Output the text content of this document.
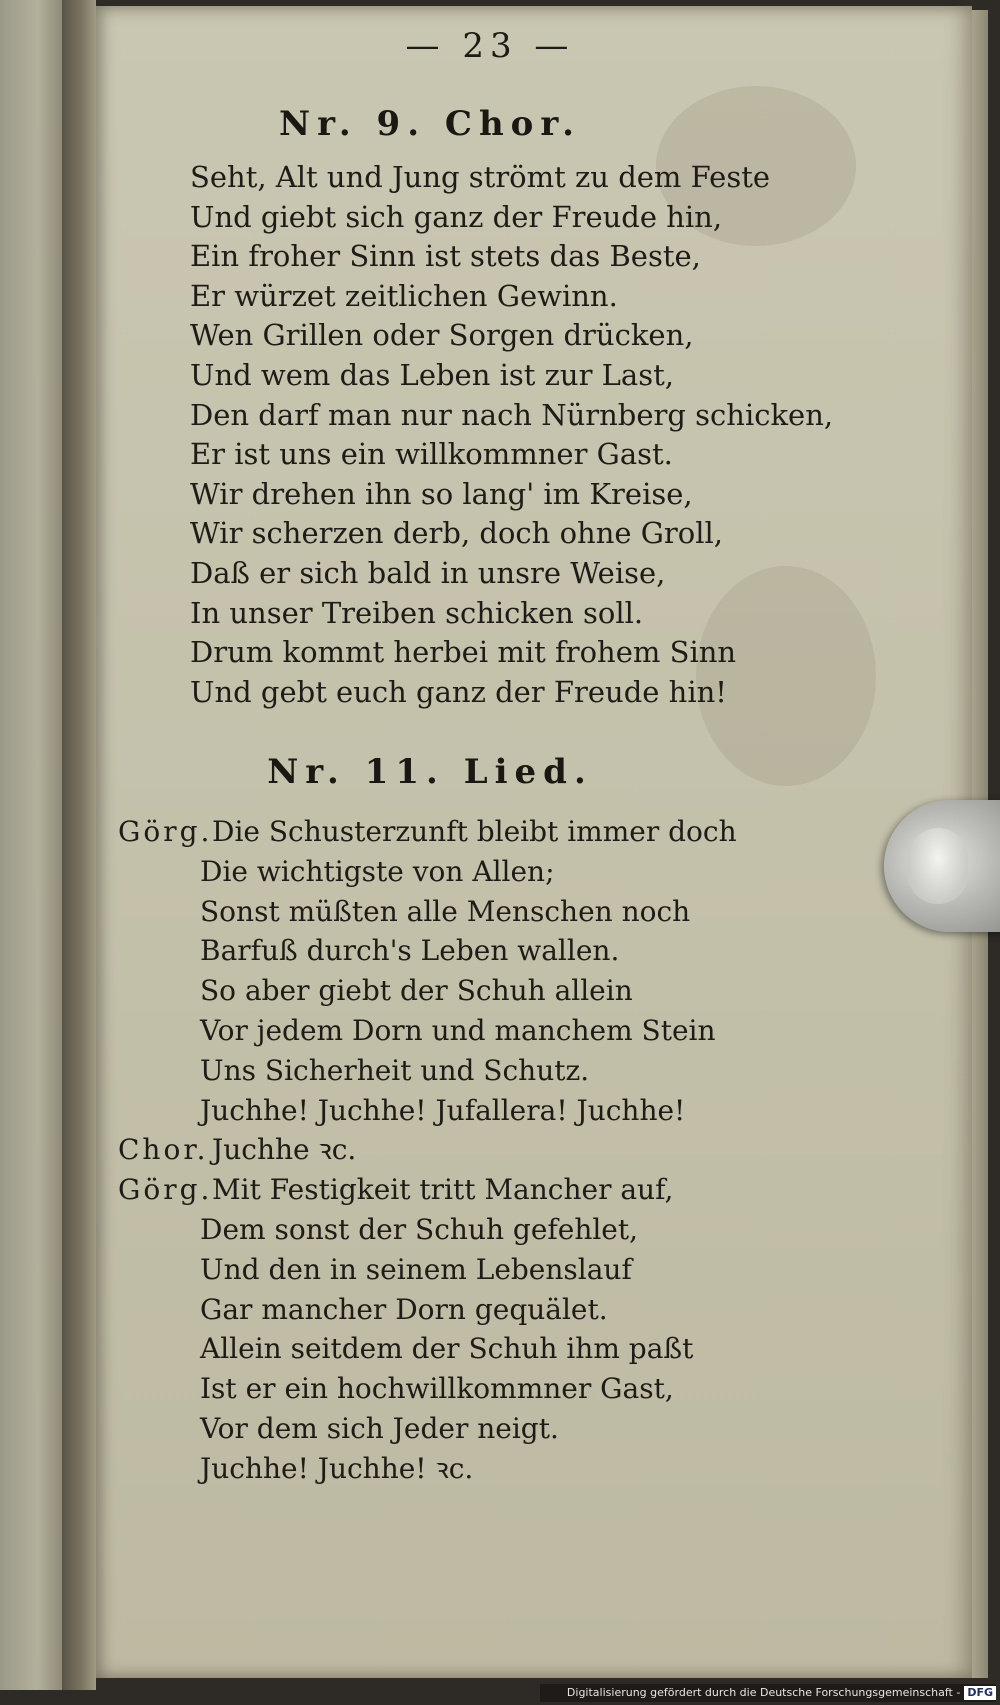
— 23 —
Nr. 9. Chor.
Seht, Alt und Jung strömt zu dem Feste
Und giebt sich ganz der Freude hin,
Ein froher Sinn ist stets das Beste,
Er würzet zeitlichen Gewinn.
Wen Grillen oder Sorgen drücken,
Und wem das Leben ist zur Last,
Den darf man nur nach Nürnberg schicken,
Er ist uns ein willkommner Gast.
Wir drehen ihn so lang' im Kreise,
Wir scherzen derb, doch ohne Groll,
Daß er sich bald in unsre Weise,
In unser Treiben schicken soll.
Drum kommt herbei mit frohem Sinn
Und gebt euch ganz der Freude hin!
Nr. 11. Lied.
Görg.Die Schusterzunft bleibt immer doch
Die wichtigste von Allen;
Sonst müßten alle Menschen noch
Barfuß durch's Leben wallen.
So aber giebt der Schuh allein
Vor jedem Dorn und manchem Stein
Uns Sicherheit und Schutz.
Juchhe! Juchhe! Jufallera! Juchhe!
Chor. Juchhe ꝛc.
Görg.Mit Festigkeit tritt Mancher auf,
Dem sonst der Schuh gefehlet,
Und den in seinem Lebenslauf
Gar mancher Dorn gequälet.
Allein seitdem der Schuh ihm paßt
Ist er ein hochwillkommner Gast,
Vor dem sich Jeder neigt.
Juchhe! Juchhe! ꝛc.
Digitalisierung gefördert durch die Deutsche Forschungsgemeinschaft - DFG
